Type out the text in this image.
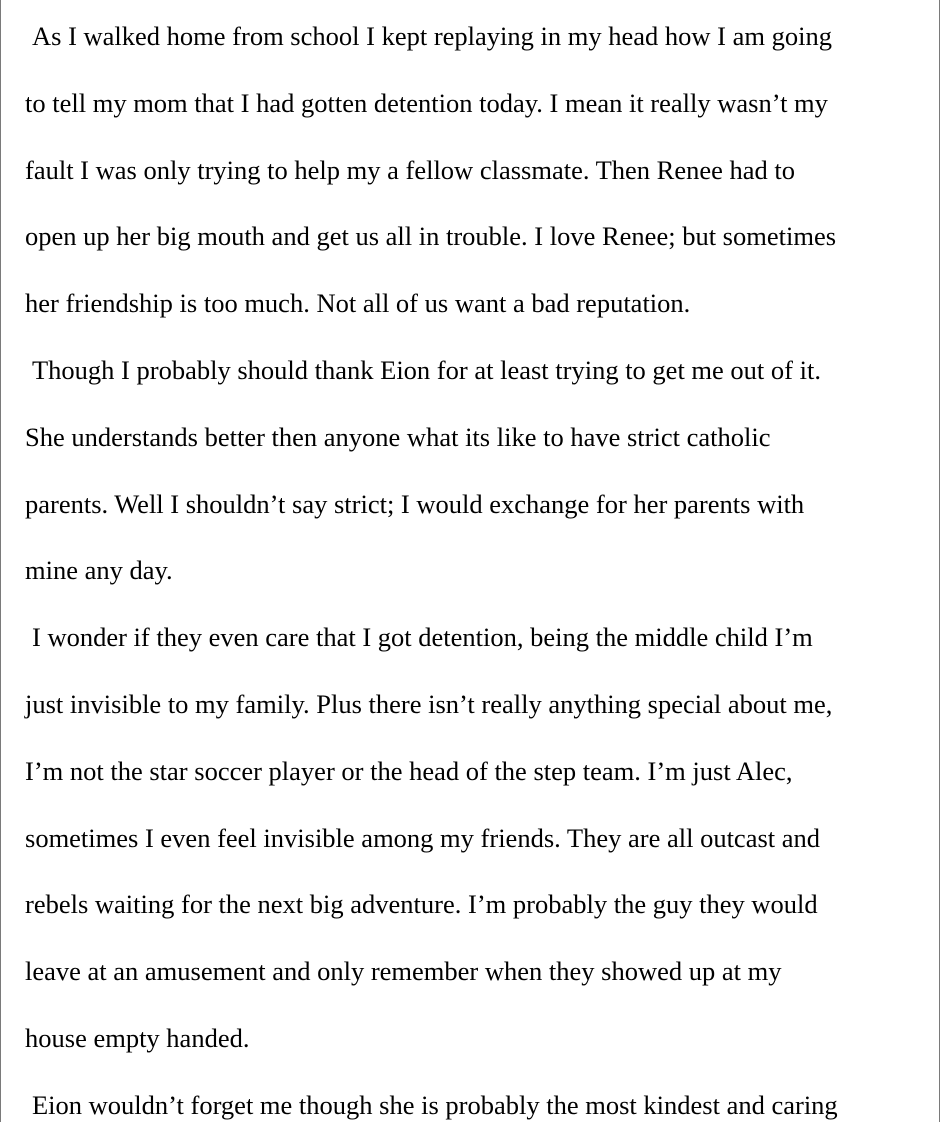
As I walked home from school I kept replaying in my head how I am going
to tell my mom that I had gotten detention today. I mean it really wasn’t my
fault I was only trying to help my a fellow classmate. Then Renee had to
open up her big mouth and get us all in trouble. I love Renee; but sometimes
her friendship is too much. Not all of us want a bad reputation.
Though I probably should thank Eion for at least trying to get me out of it.
She understands better then anyone what its like to have strict catholic
parents. Well I shouldn’t say strict; I would exchange for her parents with
mine any day.
I wonder if they even care that I got detention, being the middle child I’m
just invisible to my family. Plus there isn’t really anything special about me,
I’m not the star soccer player or the head of the step team. I’m just Alec,
sometimes I even feel invisible among my friends. They are all outcast and
rebels waiting for the next big adventure. I’m probably the guy they would
leave at an amusement and only remember when they showed up at my
house empty handed.
Eion wouldn’t forget me though she is probably the most kindest and caring
